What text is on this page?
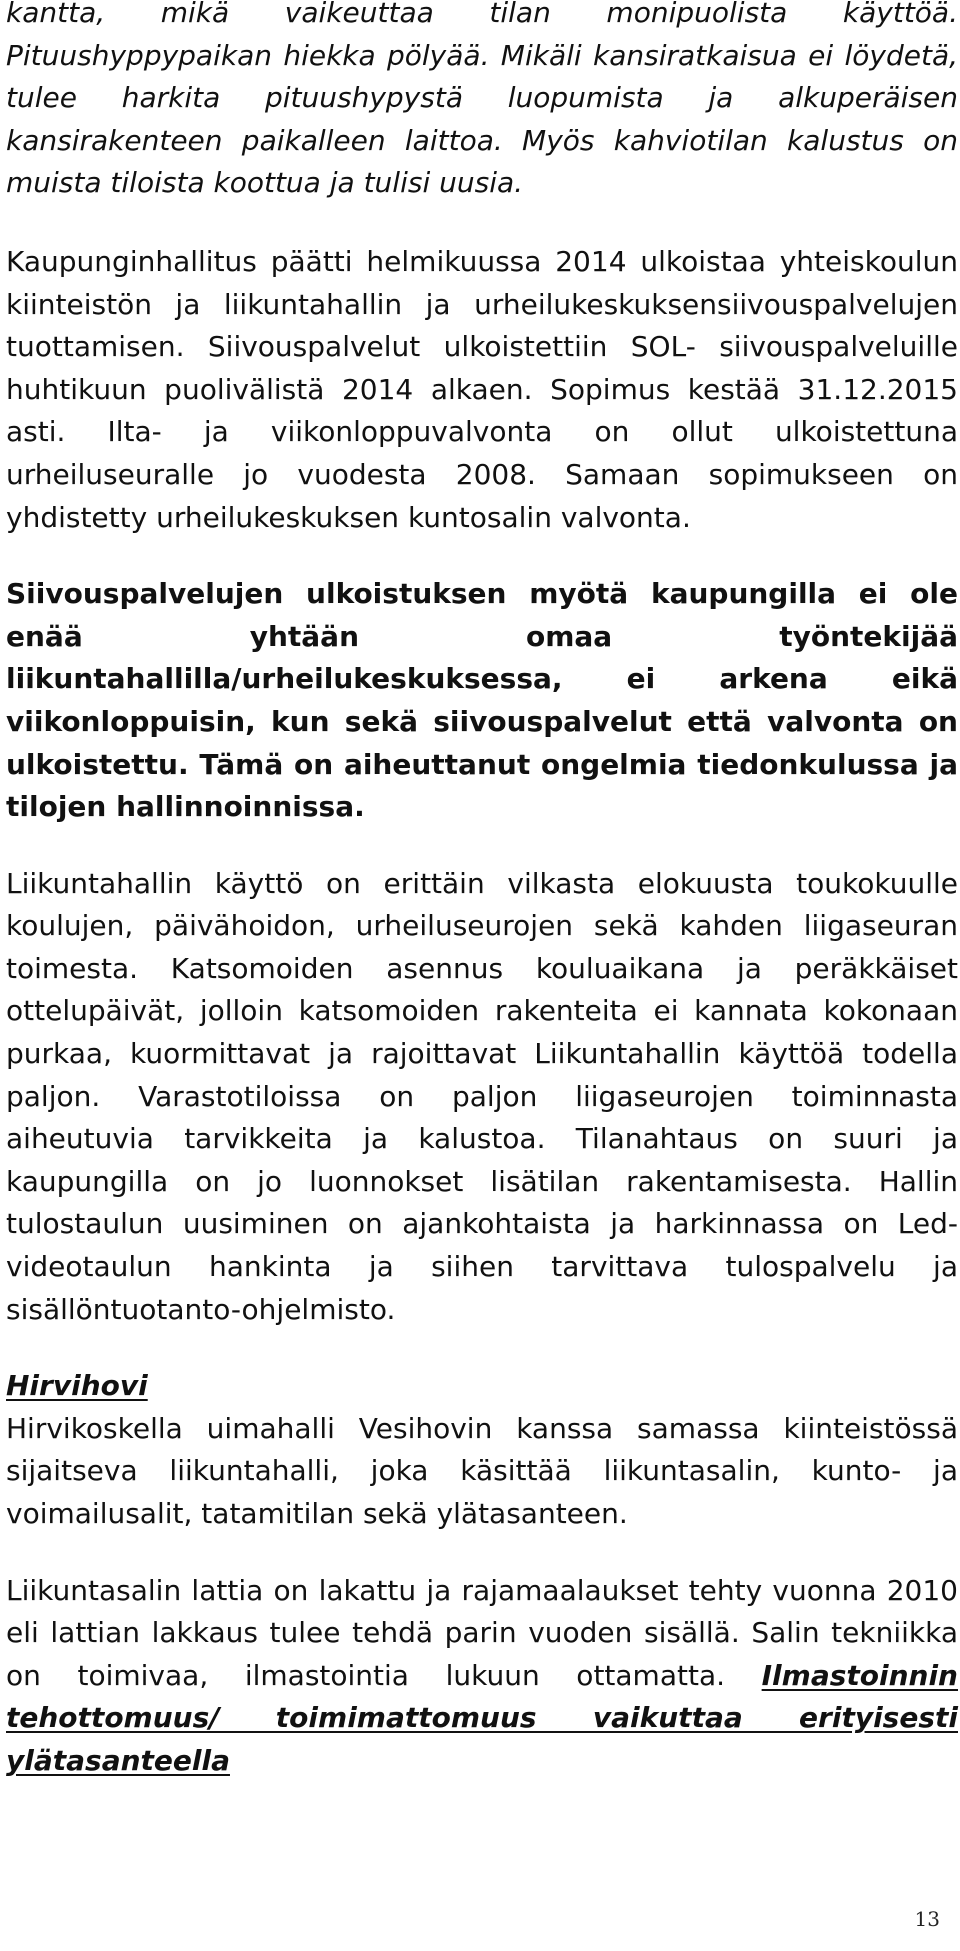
kantta, mikä vaikeuttaa tilan monipuolista käyttöä. Pituushyppypaikan hiekka pölyää. Mikäli kansiratkaisua ei löydetä, tulee harkita pituushypystä luopumista ja alkuperäisen kansirakenteen paikalleen laittoa. Myös kahviotilan kalustus on muista tiloista koottua ja tulisi uusia.

Kaupunginhallitus päätti helmikuussa 2014 ulkoistaa yhteiskoulun kiinteistön ja liikuntahallin ja urheilukeskuksensiivouspalvelujen tuottamisen. Siivouspalvelut ulkoistettiin SOL- siivouspalveluille huhtikuun puolivälistä 2014 alkaen. Sopimus kestää 31.12.2015 asti. Ilta- ja viikonloppuvalvonta on ollut ulkoistettuna urheiluseuralle jo vuodesta 2008. Samaan sopimukseen on yhdistetty urheilukeskuksen kuntosalin valvonta.

Siivouspalvelujen ulkoistuksen myötä kaupungilla ei ole enää yhtään omaa työntekijää liikuntahallilla/urheilukeskuksessa, ei arkena eikä viikonloppuisin, kun sekä siivouspalvelut että valvonta on ulkoistettu. Tämä on aiheuttanut ongelmia tiedonkulussa ja tilojen hallinnoinnissa.

Liikuntahallin käyttö on erittäin vilkasta elokuusta toukokuulle koulujen, päivähoidon, urheiluseurojen sekä kahden liigaseuran toimesta. Katsomoiden asennus kouluaikana ja peräkkäiset ottelupäivät, jolloin katsomoiden rakenteita ei kannata kokonaan purkaa, kuormittavat ja rajoittavat Liikuntahallin käyttöä todella paljon. Varastotiloissa on paljon liigaseurojen toiminnasta aiheutuvia tarvikkeita ja kalustoa. Tilanahtaus on suuri ja kaupungilla on jo luonnokset lisätilan rakentamisesta. Hallin tulostaulun uusiminen on ajankohtaista ja harkinnassa on Led-videotaulun hankinta ja siihen tarvittava tulospalvelu ja sisällöntuotanto-ohjelmisto.

Hirvihovi

Hirvikoskella uimahalli Vesihovin kanssa samassa kiinteistössä sijaitseva liikuntahalli, joka käsittää liikuntasalin, kunto- ja voimailusalit, tatamitilan sekä ylätasanteen.

Liikuntasalin lattia on lakattu ja rajamaalaukset tehty vuonna 2010 eli lattian lakkaus tulee tehdä parin vuoden sisällä. Salin tekniikka on toimivaa, ilmastointia lukuun ottamatta. Ilmastoinnin tehottomuus/ toimimattomuus vaikuttaa erityisesti ylätasanteella

13
